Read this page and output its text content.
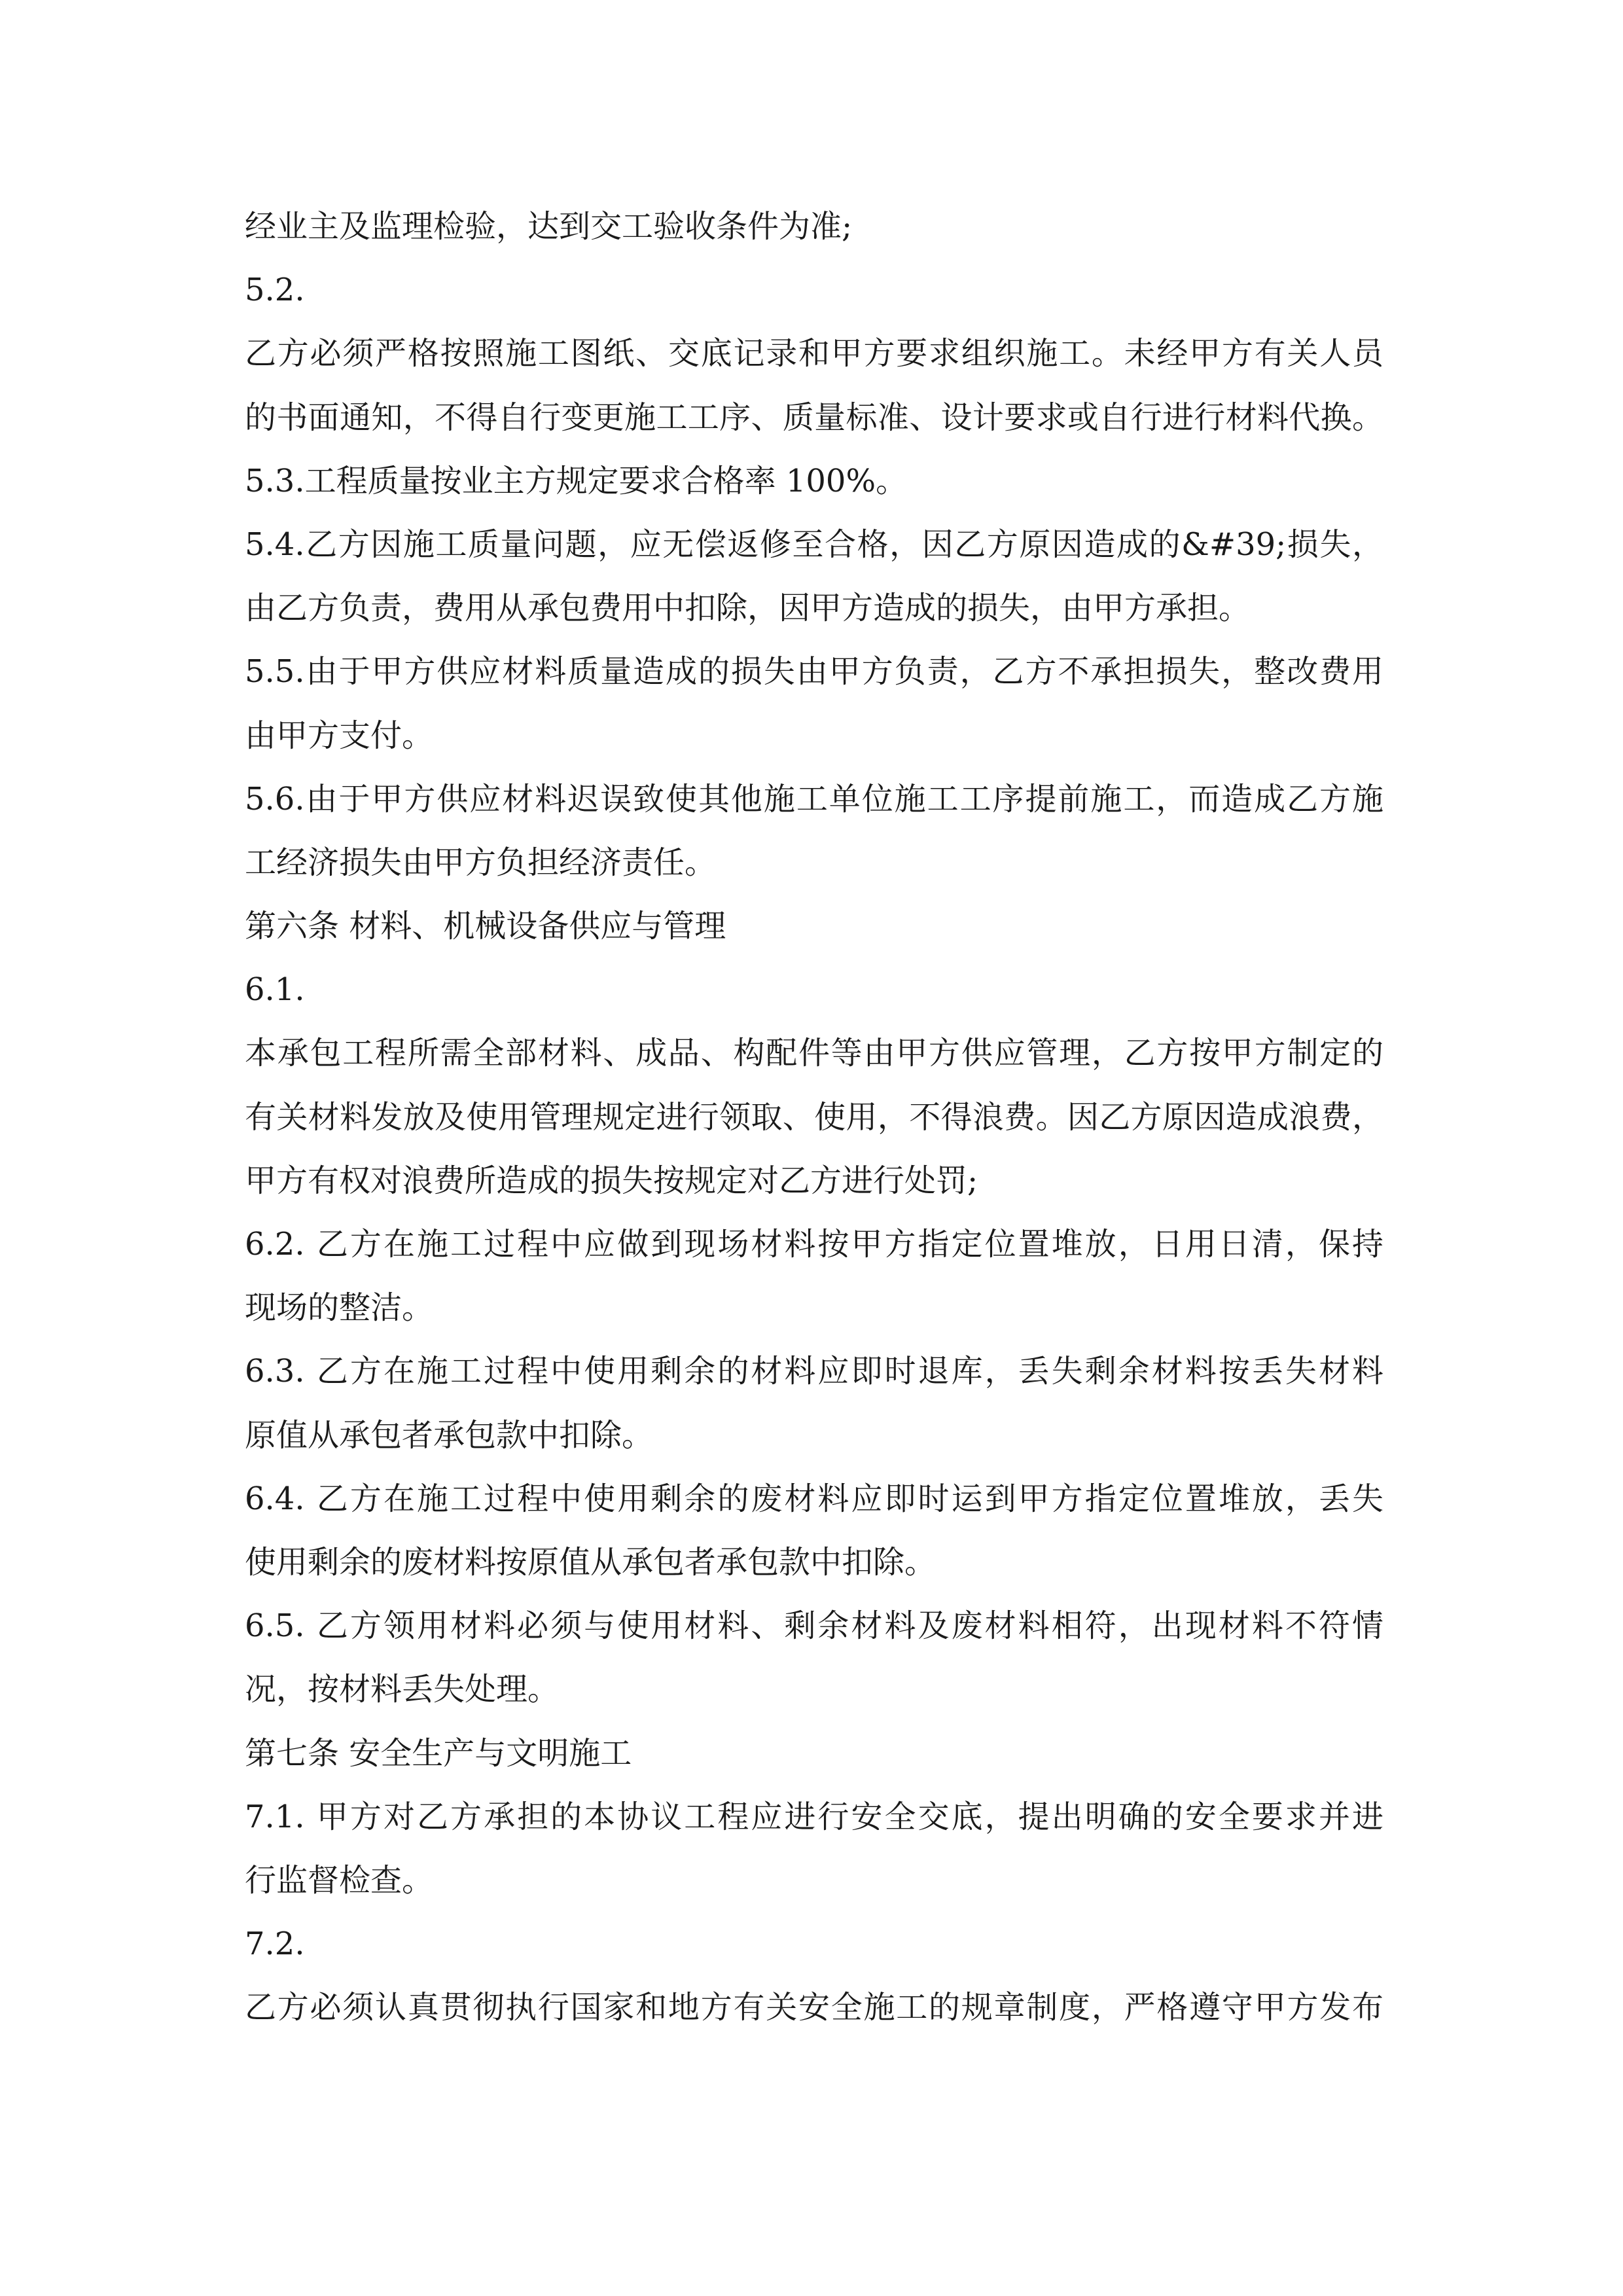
经业主及监理检验，达到交工验收条件为准;
5.2.
乙方必须严格按照施工图纸、交底记录和甲方要求组织施工。未经甲方有关人员
的书面通知，不得自行变更施工工序、质量标准、设计要求或自行进行材料代换。
5.3.工程质量按业主方规定要求合格率 100%。
5.4.乙方因施工质量问题，应无偿返修至合格，因乙方原因造成的&#39;损失，
由乙方负责，费用从承包费用中扣除，因甲方造成的损失，由甲方承担。
5.5.由于甲方供应材料质量造成的损失由甲方负责，乙方不承担损失，整改费用
由甲方支付。
5.6.由于甲方供应材料迟误致使其他施工单位施工工序提前施工，而造成乙方施
工经济损失由甲方负担经济责任。
第六条 材料、机械设备供应与管理
6.1.
本承包工程所需全部材料、成品、构配件等由甲方供应管理，乙方按甲方制定的
有关材料发放及使用管理规定进行领取、使用，不得浪费。因乙方原因造成浪费，
甲方有权对浪费所造成的损失按规定对乙方进行处罚;
6.2. 乙方在施工过程中应做到现场材料按甲方指定位置堆放，日用日清，保持
现场的整洁。
6.3. 乙方在施工过程中使用剩余的材料应即时退库，丢失剩余材料按丢失材料
原值从承包者承包款中扣除。
6.4. 乙方在施工过程中使用剩余的废材料应即时运到甲方指定位置堆放，丢失
使用剩余的废材料按原值从承包者承包款中扣除。
6.5. 乙方领用材料必须与使用材料、剩余材料及废材料相符，出现材料不符情
况，按材料丢失处理。
第七条 安全生产与文明施工
7.1. 甲方对乙方承担的本协议工程应进行安全交底，提出明确的安全要求并进
行监督检查。
7.2.
乙方必须认真贯彻执行国家和地方有关安全施工的规章制度，严格遵守甲方发布
